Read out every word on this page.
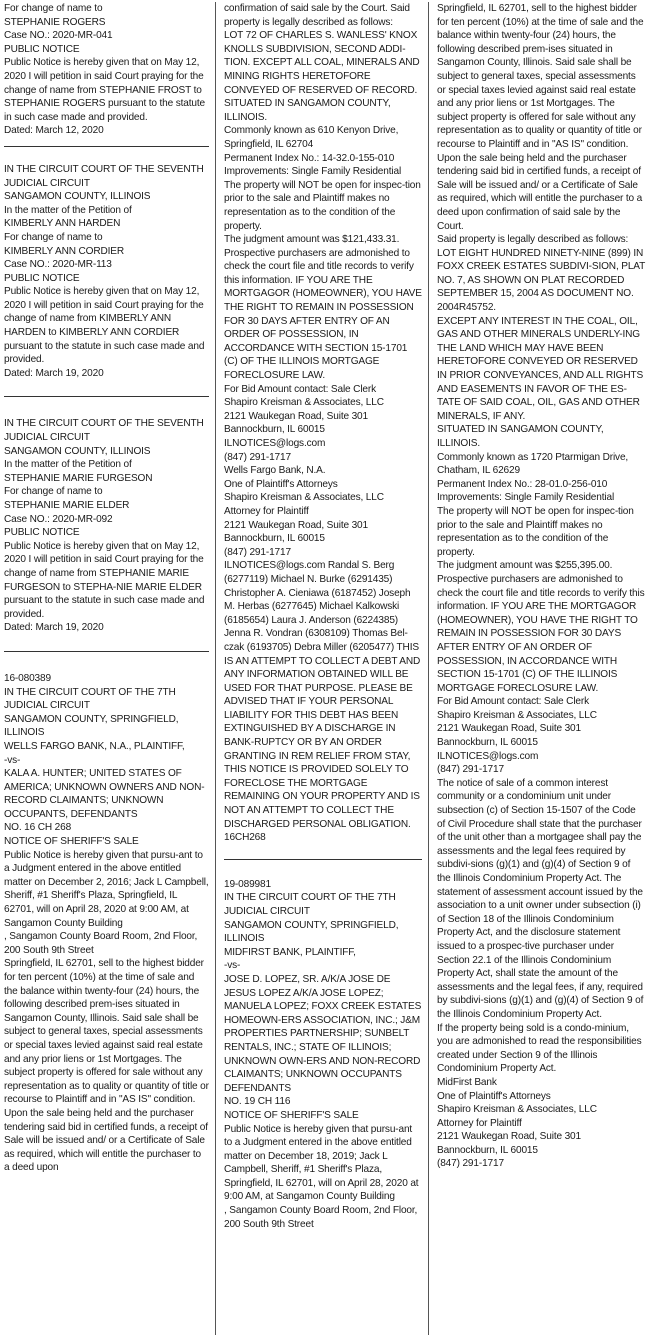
For change of name to
STEPHANIE ROGERS
Case NO.: 2020-MR-041
PUBLIC NOTICE
Public Notice is hereby given that on May 12, 2020 I will petition in said Court praying for the change of name from STEPHANIE FROST to STEPHANIE ROGERS pursuant to the statute in such case made and provided.
Dated: March 12, 2020
IN THE CIRCUIT COURT OF THE SEVENTH JUDICIAL CIRCUIT
SANGAMON COUNTY, ILLINOIS
In the matter of the Petition of
KIMBERLY ANN HARDEN
For change of name to
KIMBERLY ANN CORDIER
Case NO.: 2020-MR-113
PUBLIC NOTICE
Public Notice is hereby given that on May 12, 2020 I will petition in said Court praying for the change of name from KIMBERLY ANN HARDEN to KIMBERLY ANN CORDIER
pursuant to the statute in such case made and provided.
Dated: March 19, 2020
IN THE CIRCUIT COURT OF THE SEVENTH JUDICIAL CIRCUIT
SANGAMON COUNTY, ILLINOIS
In the matter of the Petition of
STEPHANIE MARIE FURGESON
For change of name to
STEPHANIE MARIE ELDER
Case NO.: 2020-MR-092
PUBLIC NOTICE
Public Notice is hereby given that on May 12, 2020 I will petition in said Court praying for the change of name from STEPHANIE MARIE FURGESON to STEPHA-NIE MARIE ELDER pursuant to the statute in such case made and provided.
Dated: March 19, 2020
16-080389
IN THE CIRCUIT COURT OF THE 7TH JUDICIAL CIRCUIT
SANGAMON COUNTY, SPRINGFIELD, ILLINOIS
WELLS FARGO BANK, N.A., PLAINTIFF,
-vs-
KALA A. HUNTER; UNITED STATES OF AMERICA; UNKNOWN OWNERS AND NON-RECORD CLAIMANTS; UNKNOWN OCCUPANTS, DEFENDANTS
NO. 16 CH 268
NOTICE OF SHERIFF'S SALE
Public Notice is hereby given that pursu-ant to a Judgment entered in the above entitled matter on December 2, 2016; Jack L Campbell, Sheriff, #1 Sheriff's Plaza, Springfield, IL 62701, will on April 28, 2020 at 9:00 AM, at Sangamon County Building
, Sangamon County Board Room, 2nd Floor,
200 South 9th Street
Springfield, IL 62701, sell to the highest bidder for ten percent (10%) at the time of sale and the balance within twenty-four (24) hours, the following described prem-ises situated in Sangamon County, Illinois. Said sale shall be subject to general taxes, special assessments or special taxes levied against said real estate and any prior liens or 1st Mortgages. The subject property is offered for sale without any representation as to quality or quantity of title or recourse to Plaintiff and in "AS IS" condition.
Upon the sale being held and the purchaser tendering said bid in certified funds, a receipt of Sale will be issued and/ or a Certificate of Sale as required, which will entitle the purchaser to a deed upon
confirmation of said sale by the Court. Said property is legally described as follows:
LOT 72 OF CHARLES S. WANLESS' KNOX KNOLLS SUBDIVISION, SECOND ADDI-TION. EXCEPT ALL COAL, MINERALS AND MINING RIGHTS HERETOFORE CONVEYED OF RESERVED OF RECORD. SITUATED IN SANGAMON COUNTY, ILLINOIS.
Commonly known as 610 Kenyon Drive, Springfield, IL 62704
Permanent Index No.: 14-32.0-155-010
Improvements: Single Family Residential
The property will NOT be open for inspec-tion prior to the sale and Plaintiff makes no representation as to the condition of the property.
The judgment amount was $121,433.31.
Prospective purchasers are admonished to check the court file and title records to verify this information. IF YOU ARE THE MORTGAGOR (HOMEOWNER), YOU HAVE THE RIGHT TO REMAIN IN POSSESSION FOR 30 DAYS AFTER ENTRY OF AN ORDER OF POSSESSION, IN ACCORDANCE WITH SECTION 15-1701 (C) OF THE ILLINOIS MORTGAGE FORECLOSURE LAW.
For Bid Amount contact: Sale Clerk
Shapiro Kreisman & Associates, LLC
2121 Waukegan Road, Suite 301
Bannockburn, IL 60015
ILNOTICES@logs.com
(847) 291-1717
Wells Fargo Bank, N.A.
One of Plaintiff's Attorneys
Shapiro Kreisman & Associates, LLC
Attorney for Plaintiff
2121 Waukegan Road, Suite 301
Bannockburn, IL 60015
(847) 291-1717
ILNOTICES@logs.com Randal S. Berg (6277119) Michael N. Burke (6291435) Christopher A. Cieniawa (6187452) Joseph M. Herbas (6277645) Michael Kalkowski (6185654) Laura J. Anderson (6224385)
Jenna R. Vondran (6308109) Thomas Bel-czak (6193705) Debra Miller (6205477) THIS IS AN ATTEMPT TO COLLECT A DEBT AND ANY INFORMATION OBTAINED WILL BE USED FOR THAT PURPOSE. PLEASE BE ADVISED THAT IF YOUR PERSONAL LIABILITY FOR THIS DEBT HAS BEEN EXTINGUISHED BY A DISCHARGE IN BANK-RUPTCY OR BY AN ORDER GRANTING IN REM RELIEF FROM STAY, THIS NOTICE IS PROVIDED SOLELY TO FORECLOSE THE MORTGAGE REMAINING ON YOUR PROPERTY AND IS NOT AN ATTEMPT TO COLLECT THE DISCHARGED PERSONAL OBLIGATION. 16CH268
19-089981
IN THE CIRCUIT COURT OF THE 7TH JUDICIAL CIRCUIT
SANGAMON COUNTY, SPRINGFIELD, ILLINOIS
MIDFIRST BANK, PLAINTIFF,
-vs-
JOSE D. LOPEZ, SR. A/K/A JOSE DE JESUS LOPEZ A/K/A JOSE LOPEZ; MANUELA LOPEZ; FOXX CREEK ESTATES HOMEOWN-ERS ASSOCIATION, INC.; J&M PROPERTIES PARTNERSHIP; SUNBELT RENTALS, INC.; STATE OF ILLINOIS; UNKNOWN OWN-ERS AND NON-RECORD CLAIMANTS; UNKNOWN OCCUPANTS
DEFENDANTS
NO. 19 CH 116
NOTICE OF SHERIFF'S SALE
Public Notice is hereby given that pursu-ant to a Judgment entered in the above entitled matter on December 18, 2019; Jack L Campbell, Sheriff, #1 Sheriff's Plaza, Springfield, IL 62701, will on April 28, 2020 at 9:00 AM, at Sangamon County Building
, Sangamon County Board Room, 2nd Floor,
200 South 9th Street
Springfield, IL 62701, sell to the highest bidder for ten percent (10%) at the time of sale and the balance within twenty-four (24) hours, the following described prem-ises situated in Sangamon County, Illinois. Said sale shall be subject to general taxes, special assessments or special taxes levied against said real estate and any prior liens or 1st Mortgages. The subject property is offered for sale without any representation as to quality or quantity of title or recourse to Plaintiff and in "AS IS" condition.
Upon the sale being held and the purchaser tendering said bid in certified funds, a receipt of Sale will be issued and/ or a Certificate of Sale as required, which will entitle the purchaser to a deed upon confirmation of said sale by the Court.
Said property is legally described as follows:
LOT EIGHT HUNDRED NINETY-NINE (899) IN FOXX CREEK ESTATES SUBDIVI-SION, PLAT NO. 7, AS SHOWN ON PLAT RECORDED SEPTEMBER 15, 2004 AS DOCUMENT NO. 2004R45752.
EXCEPT ANY INTEREST IN THE COAL, OIL, GAS AND OTHER MINERALS UNDERLY-ING THE LAND WHICH MAY HAVE BEEN HERETOFORE CONVEYED OR RESERVED IN PRIOR CONVEYANCES, AND ALL RIGHTS AND EASEMENTS IN FAVOR OF THE ES-TATE OF SAID COAL, OIL, GAS AND OTHER MINERALS, IF ANY.
SITUATED IN SANGAMON COUNTY, ILLINOIS.
Commonly known as 1720 Ptarmigan Drive, Chatham, IL 62629
Permanent Index No.: 28-01.0-256-010
Improvements: Single Family Residential
The property will NOT be open for inspec-tion prior to the sale and Plaintiff makes no representation as to the condition of the property.
The judgment amount was $255,395.00.
Prospective purchasers are admonished to check the court file and title records to verify this information. IF YOU ARE THE MORTGAGOR (HOMEOWNER), YOU HAVE THE RIGHT TO REMAIN IN POSSESSION FOR 30 DAYS AFTER ENTRY OF AN ORDER OF POSSESSION, IN ACCORDANCE WITH SECTION 15-1701 (C) OF THE ILLINOIS MORTGAGE FORECLOSURE LAW.
For Bid Amount contact: Sale Clerk
Shapiro Kreisman & Associates, LLC
2121 Waukegan Road, Suite 301
Bannockburn, IL 60015
ILNOTICES@logs.com
(847) 291-1717
The notice of sale of a common interest community or a condominium unit under subsection (c) of Section 15-1507 of the Code of Civil Procedure shall state that the purchaser of the unit other than a mortgagee shall pay the assessments and the legal fees required by subdivi-sions (g)(1) and (g)(4) of Section 9 of the Illinois Condominium Property Act. The statement of assessment account issued by the association to a unit owner under subsection (i) of Section 18 of the Illinois Condominium Property Act, and the disclosure statement issued to a prospec-tive purchaser under Section 22.1 of the Illinois Condominium Property Act, shall state the amount of the assessments and the legal fees, if any, required by subdivi-sions (g)(1) and (g)(4) of Section 9 of the Illinois Condominium Property Act.
If the property being sold is a condo-minium, you are admonished to read the responsibilities created under Section 9 of the Illinois Condominium Property Act.
MidFirst Bank
One of Plaintiff's Attorneys
Shapiro Kreisman & Associates, LLC
Attorney for Plaintiff
2121 Waukegan Road, Suite 301
Bannockburn, IL 60015
(847) 291-1717
